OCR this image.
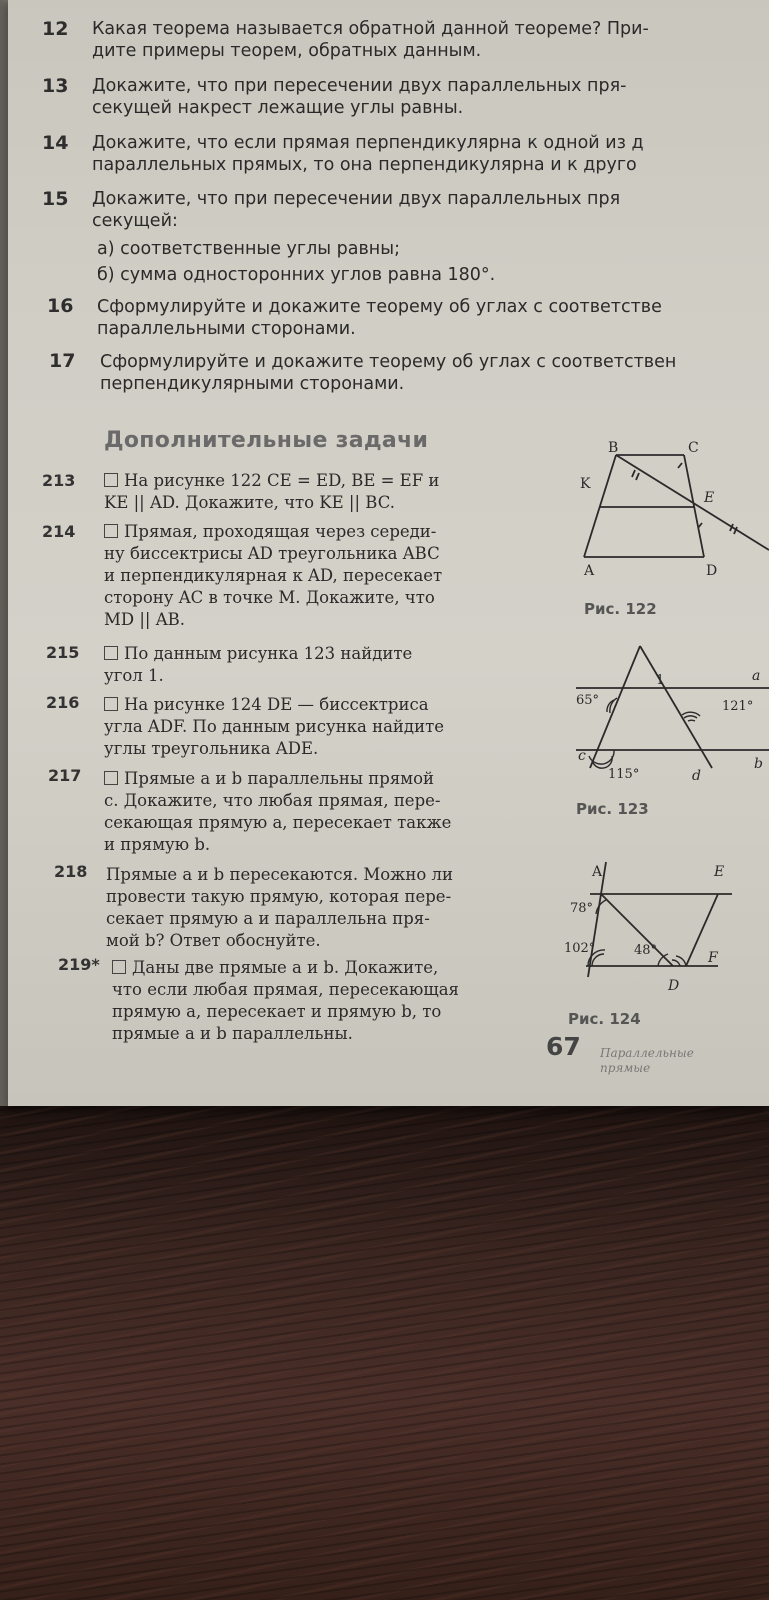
12 Какая теорема называется обратной данной теореме? При-
дите примеры теорем, обратных данным.
13 Докажите, что при пересечении двух параллельных пря-
секущей накрест лежащие углы равны.
14 Докажите, что если прямая перпендикулярна к одной из д
параллельных прямых, то она перпендикулярна и к друго
15 Докажите, что при пересечении двух параллельных пря
секущей:
а) соответственные углы равны;
б) сумма односторонних углов равна 180°.
16 Сформулируйте и докажите теорему об углах с соответстве
параллельными сторонами.
17 Сформулируйте и докажите теорему об углах с соответствен
перпендикулярными сторонами.
Дополнительные задачи
213	На рисунке 122 CE = ED, BE = EF и
KE || AD. Докажите, что KE || BC.
214	Прямая, проходящая через середи-
ну биссектрисы AD треугольника ABC
и перпендикулярная к AD, пересекает
сторону AC в точке M. Докажите, что
MD || AB.
215	По данным рисунка 123 найдите
угол 1.
216	На рисунке 124 DE — биссектриса
угла ADF. По данным рисунка найдите
углы треугольника ADE.
217	Прямые a и b параллельны прямой
c. Докажите, что любая прямая, пере-
секающая прямую a, пересекает также
и прямую b.
218 Прямые a и b пересекаются. Можно ли
провести такую прямую, которая пере-
секает прямую a и параллельна пря-
мой b? Ответ обоснуйте.
219*	Даны две прямые a и b. Докажите,
что если любая прямая, пересекающая
прямую a, пересекает и прямую b, то
прямые a и b параллельны.
B	C
K
E
A	D
Рис. 122
1	a
b
c
d
65°	121°
115°
Рис. 123
A	E
F
D
78°
102°	48°
Рис. 124
67 Параллельные
прямые
